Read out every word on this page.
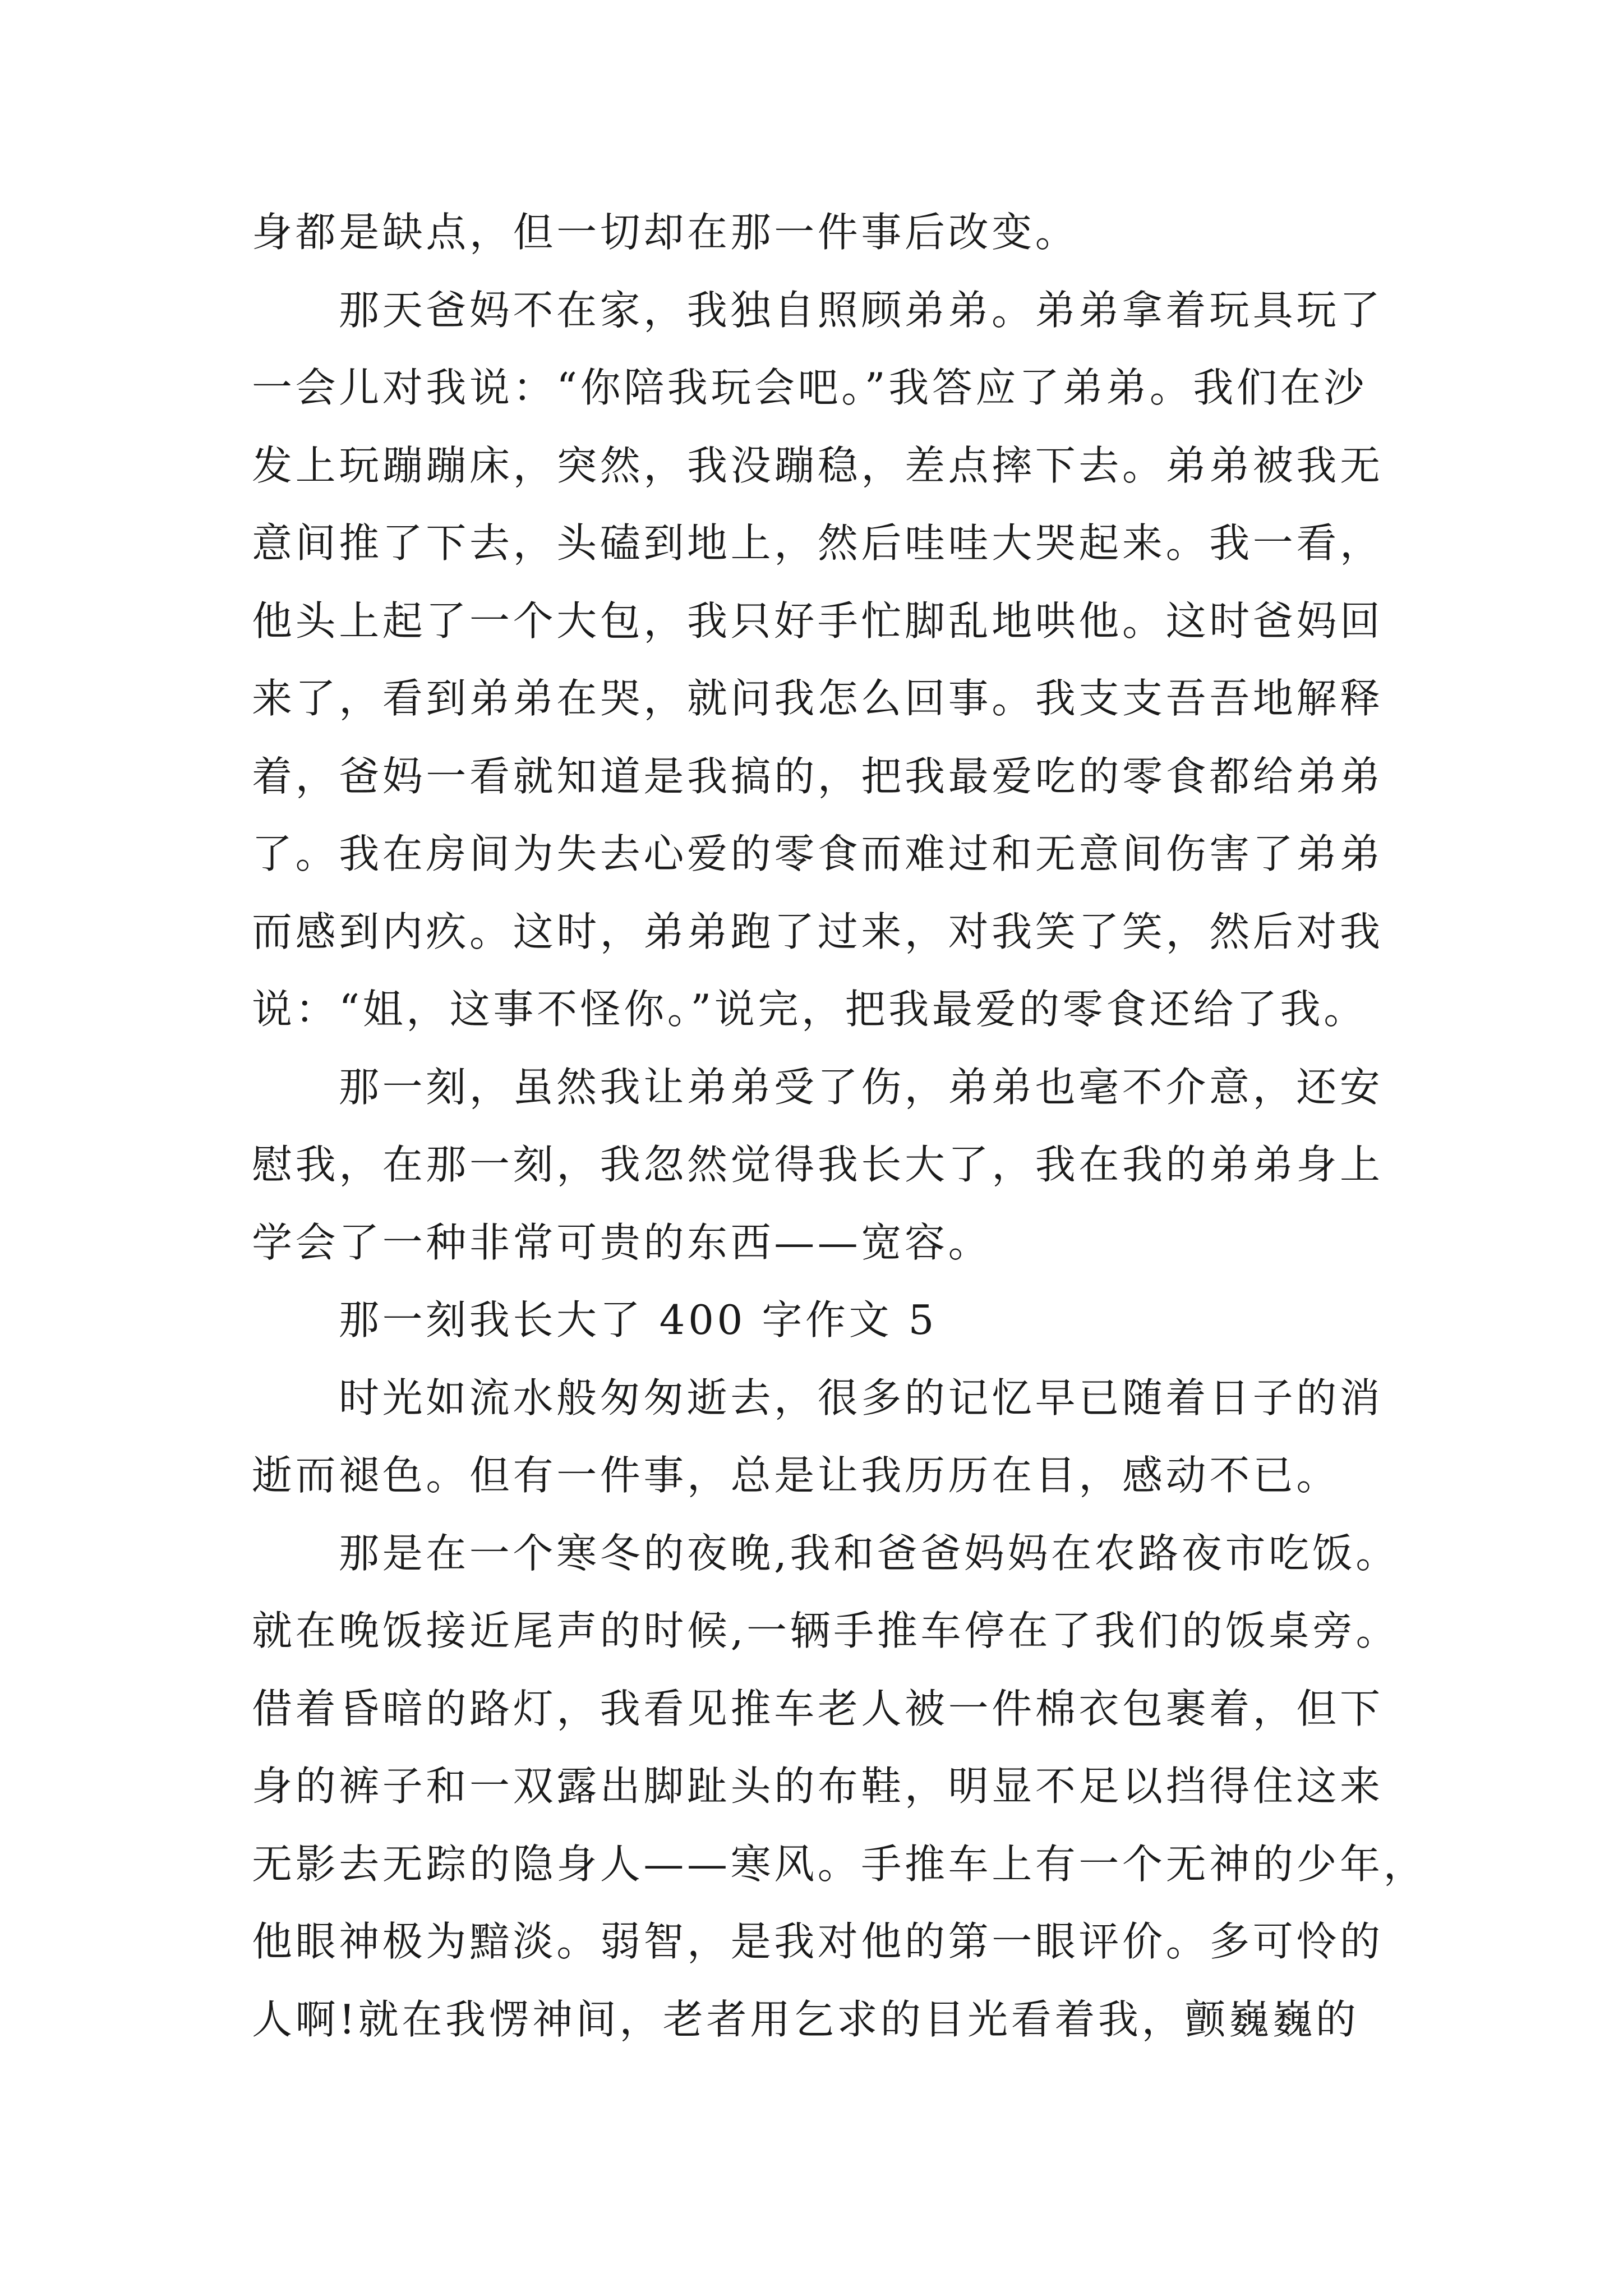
身都是缺点，但一切却在那一件事后改变。
那天爸妈不在家，我独自照顾弟弟。弟弟拿着玩具玩了
一会儿对我说：“你陪我玩会吧。”我答应了弟弟。我们在沙
发上玩蹦蹦床，突然，我没蹦稳，差点摔下去。弟弟被我无
意间推了下去，头磕到地上，然后哇哇大哭起来。我一看，
他头上起了一个大包，我只好手忙脚乱地哄他。这时爸妈回
来了，看到弟弟在哭，就问我怎么回事。我支支吾吾地解释
着，爸妈一看就知道是我搞的，把我最爱吃的零食都给弟弟
了。我在房间为失去心爱的零食而难过和无意间伤害了弟弟
而感到内疚。这时，弟弟跑了过来，对我笑了笑，然后对我
说：“姐，这事不怪你。”说完，把我最爱的零食还给了我。
那一刻，虽然我让弟弟受了伤，弟弟也毫不介意，还安
慰我，在那一刻，我忽然觉得我长大了，我在我的弟弟身上
学会了一种非常可贵的东西——宽容。
那一刻我长大了 400 字作文 5
时光如流水般匆匆逝去，很多的记忆早已随着日子的消
逝而褪色。但有一件事，总是让我历历在目，感动不已。
那是在一个寒冬的夜晚,我和爸爸妈妈在农路夜市吃饭。
就在晚饭接近尾声的时候,一辆手推车停在了我们的饭桌旁。
借着昏暗的路灯，我看见推车老人被一件棉衣包裹着，但下
身的裤子和一双露出脚趾头的布鞋，明显不足以挡得住这来
无影去无踪的隐身人——寒风。手推车上有一个无神的少年，
他眼神极为黯淡。弱智，是我对他的第一眼评价。多可怜的
人啊!就在我愣神间，老者用乞求的目光看着我，颤巍巍的
